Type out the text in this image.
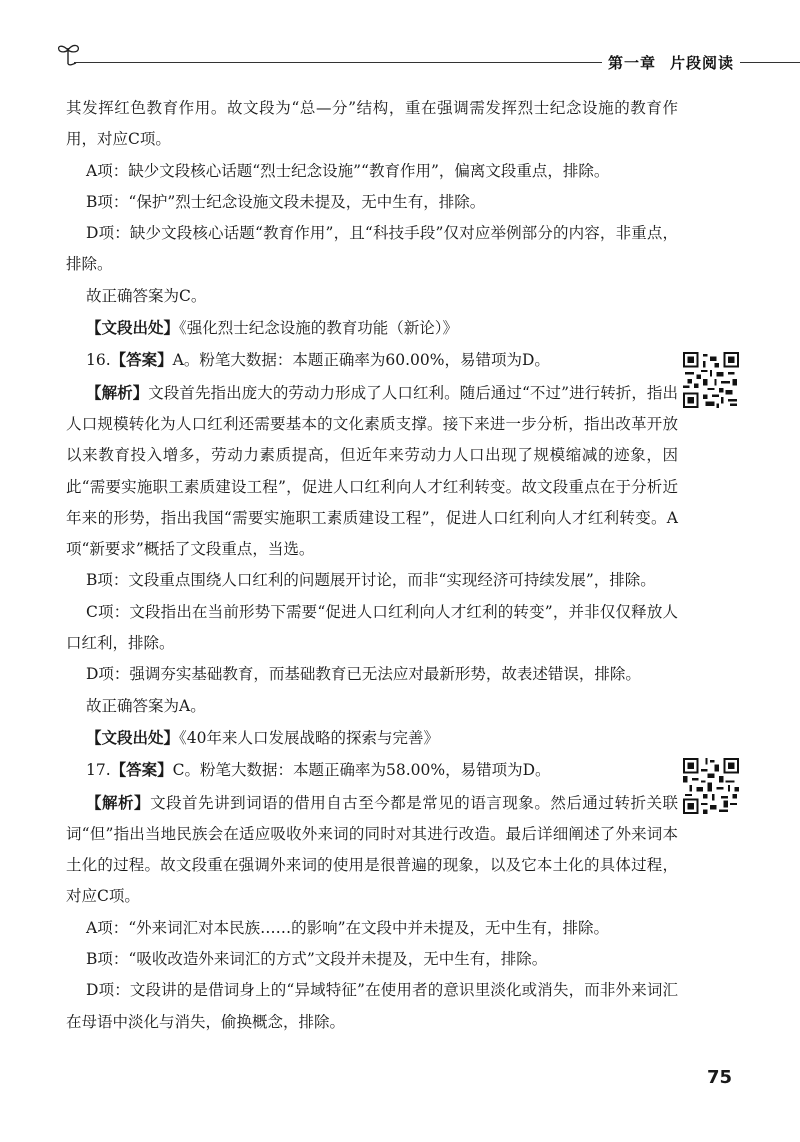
第一章 片段阅读

其发挥红色教育作用。故文段为“总—分”结构，重在强调需发挥烈士纪念设施的教育作用，对应C项。

A项：缺少文段核心话题“烈士纪念设施”“教育作用”，偏离文段重点，排除。

B项：“保护”烈士纪念设施文段未提及，无中生有，排除。

D项：缺少文段核心话题“教育作用”，且“科技手段”仅对应举例部分的内容，非重点，排除。

故正确答案为C。

【文段出处】《强化烈士纪念设施的教育功能（新论）》

16.【答案】A。粉笔大数据：本题正确率为60.00%，易错项为D。

【解析】文段首先指出庞大的劳动力形成了人口红利。随后通过“不过”进行转折，指出人口规模转化为人口红利还需要基本的文化素质支撑。接下来进一步分析，指出改革开放以来教育投入增多，劳动力素质提高，但近年来劳动力人口出现了规模缩减的迹象，因此“需要实施职工素质建设工程”，促进人口红利向人才红利转变。故文段重点在于分析近年来的形势，指出我国“需要实施职工素质建设工程”，促进人口红利向人才红利转变。A项“新要求”概括了文段重点，当选。

B项：文段重点围绕人口红利的问题展开讨论，而非“实现经济可持续发展”，排除。

C项：文段指出在当前形势下需要“促进人口红利向人才红利的转变”，并非仅仅释放人口红利，排除。

D项：强调夯实基础教育，而基础教育已无法应对最新形势，故表述错误，排除。

故正确答案为A。

【文段出处】《40年来人口发展战略的探索与完善》

17.【答案】C。粉笔大数据：本题正确率为58.00%，易错项为D。

【解析】文段首先讲到词语的借用自古至今都是常见的语言现象。然后通过转折关联词“但”指出当地民族会在适应吸收外来词的同时对其进行改造。最后详细阐述了外来词本土化的过程。故文段重在强调外来词的使用是很普遍的现象，以及它本土化的具体过程，对应C项。

A项：“外来词汇对本民族……的影响”在文段中并未提及，无中生有，排除。

B项：“吸收改造外来词汇的方式”文段并未提及，无中生有，排除。

D项：文段讲的是借词身上的“异域特征”在使用者的意识里淡化或消失，而非外来词汇在母语中淡化与消失，偷换概念，排除。

75
